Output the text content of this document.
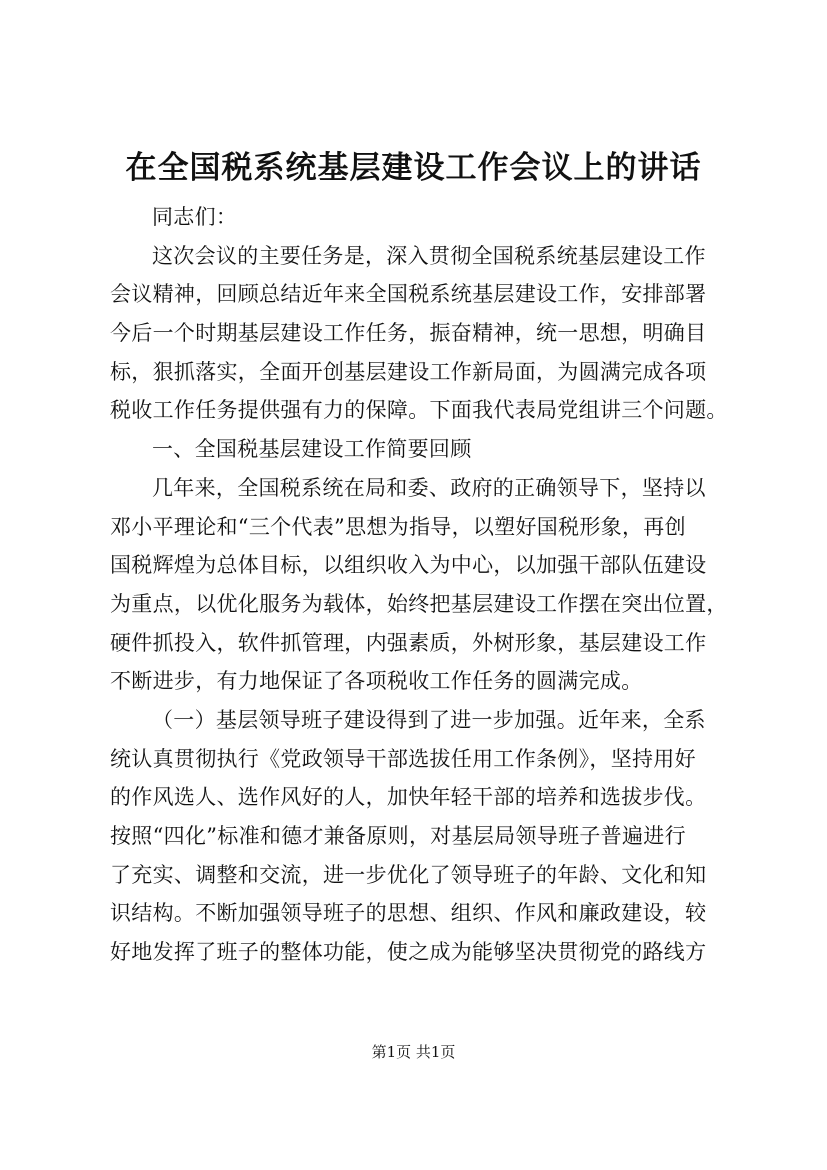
在全国税系统基层建设工作会议上的讲话
同志们：
这次会议的主要任务是，深入贯彻全国税系统基层建设工作
会议精神，回顾总结近年来全国税系统基层建设工作，安排部署
今后一个时期基层建设工作任务，振奋精神，统一思想，明确目
标，狠抓落实，全面开创基层建设工作新局面，为圆满完成各项
税收工作任务提供强有力的保障。下面我代表局党组讲三个问题。
一、全国税基层建设工作简要回顾
几年来，全国税系统在局和委、政府的正确领导下，坚持以
邓小平理论和“三个代表”思想为指导，以塑好国税形象，再创
国税辉煌为总体目标，以组织收入为中心，以加强干部队伍建设
为重点，以优化服务为载体，始终把基层建设工作摆在突出位置，
硬件抓投入，软件抓管理，内强素质，外树形象，基层建设工作
不断进步，有力地保证了各项税收工作任务的圆满完成。
（一）基层领导班子建设得到了进一步加强。近年来，全系
统认真贯彻执行《党政领导干部选拔任用工作条例》，坚持用好
的作风选人、选作风好的人，加快年轻干部的培养和选拔步伐。
按照“四化”标准和德才兼备原则，对基层局领导班子普遍进行
了充实、调整和交流，进一步优化了领导班子的年龄、文化和知
识结构。不断加强领导班子的思想、组织、作风和廉政建设，较
好地发挥了班子的整体功能，使之成为能够坚决贯彻党的路线方
第1页 共1页
